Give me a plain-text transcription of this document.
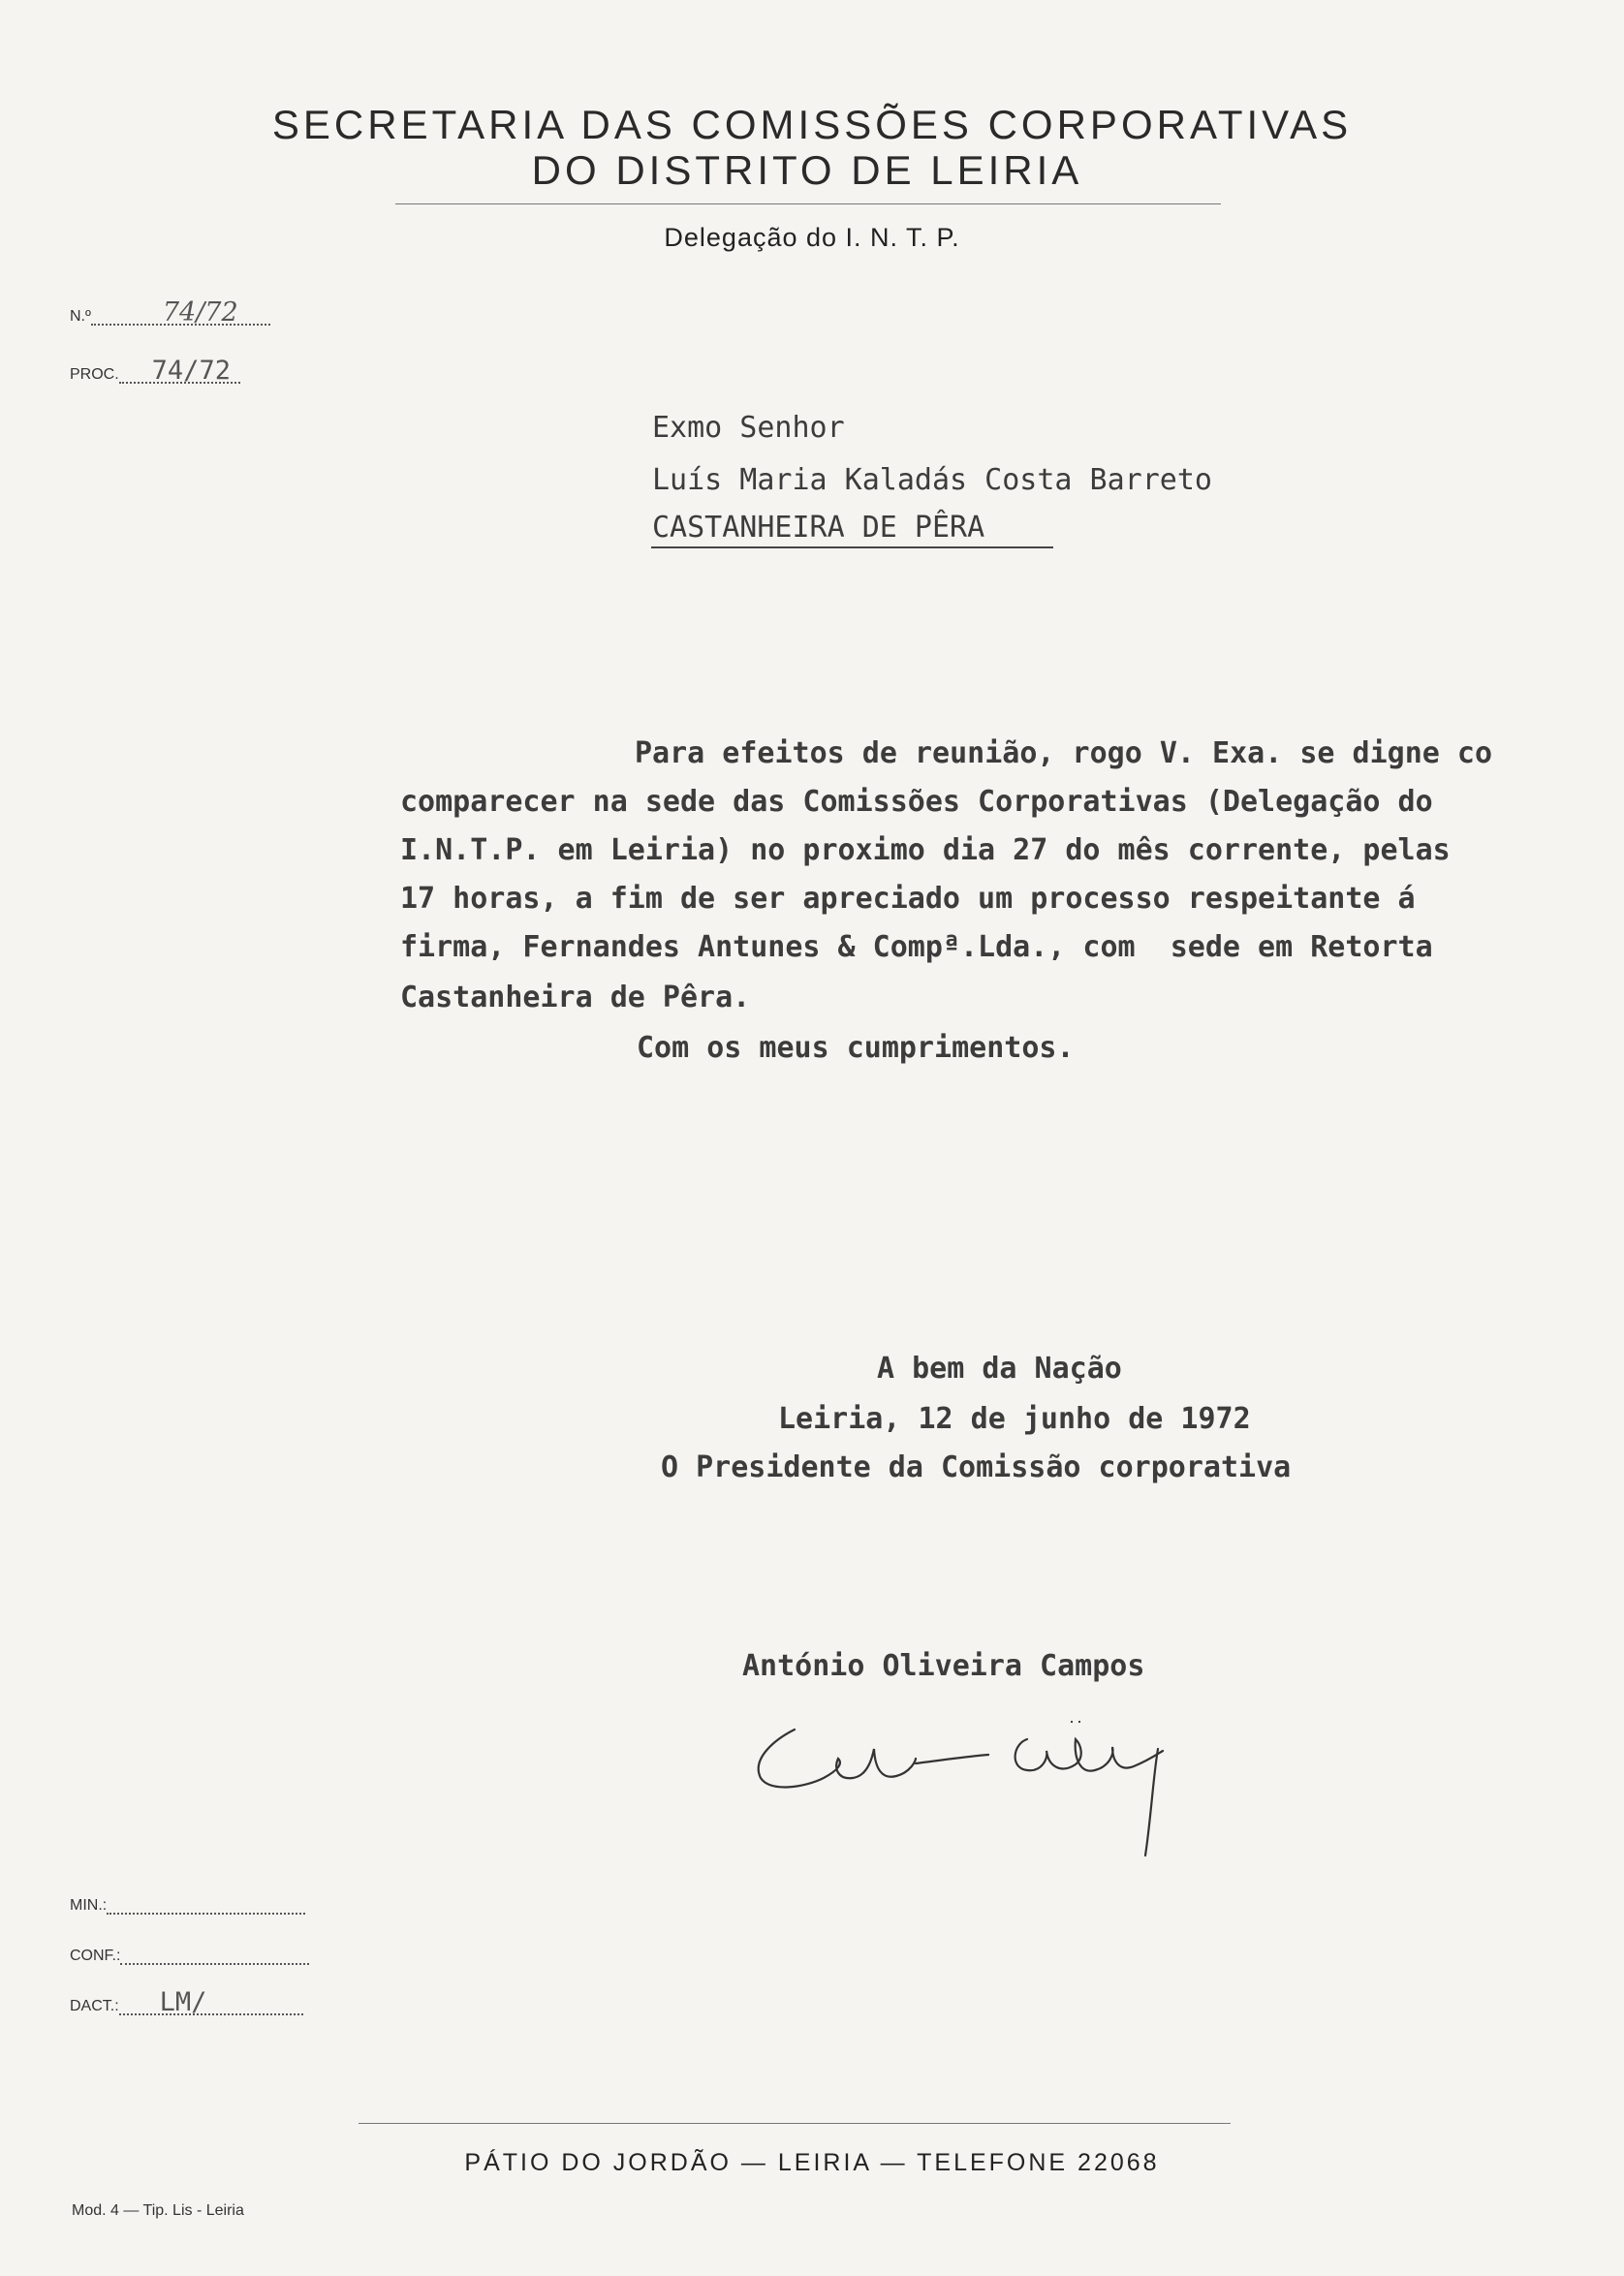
SECRETARIA DAS COMISSÕES CORPORATIVAS
DO DISTRITO DE LEIRIA
Delegação do I. N. T. P.
N.º	74/72
PROC. 74/72
Exmo Senhor
Luís Maria Kaladás Costa Barreto
CASTANHEIRA DE PÊRA
Para efeitos de reunião, rogo V. Exa. se digne co
comparecer na sede das Comissões Corporativas (Delegação do
I.N.T.P. em Leiria) no proximo dia 27 do mês corrente, pelas
17 horas, a fim de ser apreciado um processo respeitante á
firma, Fernandes Antunes & Compª.Lda., com  sede em Retorta
Castanheira de Pêra.
Com os meus cumprimentos.
A bem da Nação
Leiria, 12 de junho de 1972
O Presidente da Comissão corporativa
António Oliveira Campos
MIN.:
CONF.:
DACT.: LM/
PÁTIO DO JORDÃO — LEIRIA — TELEFONE 22068
Mod. 4 — Tip. Lis - Leiria
